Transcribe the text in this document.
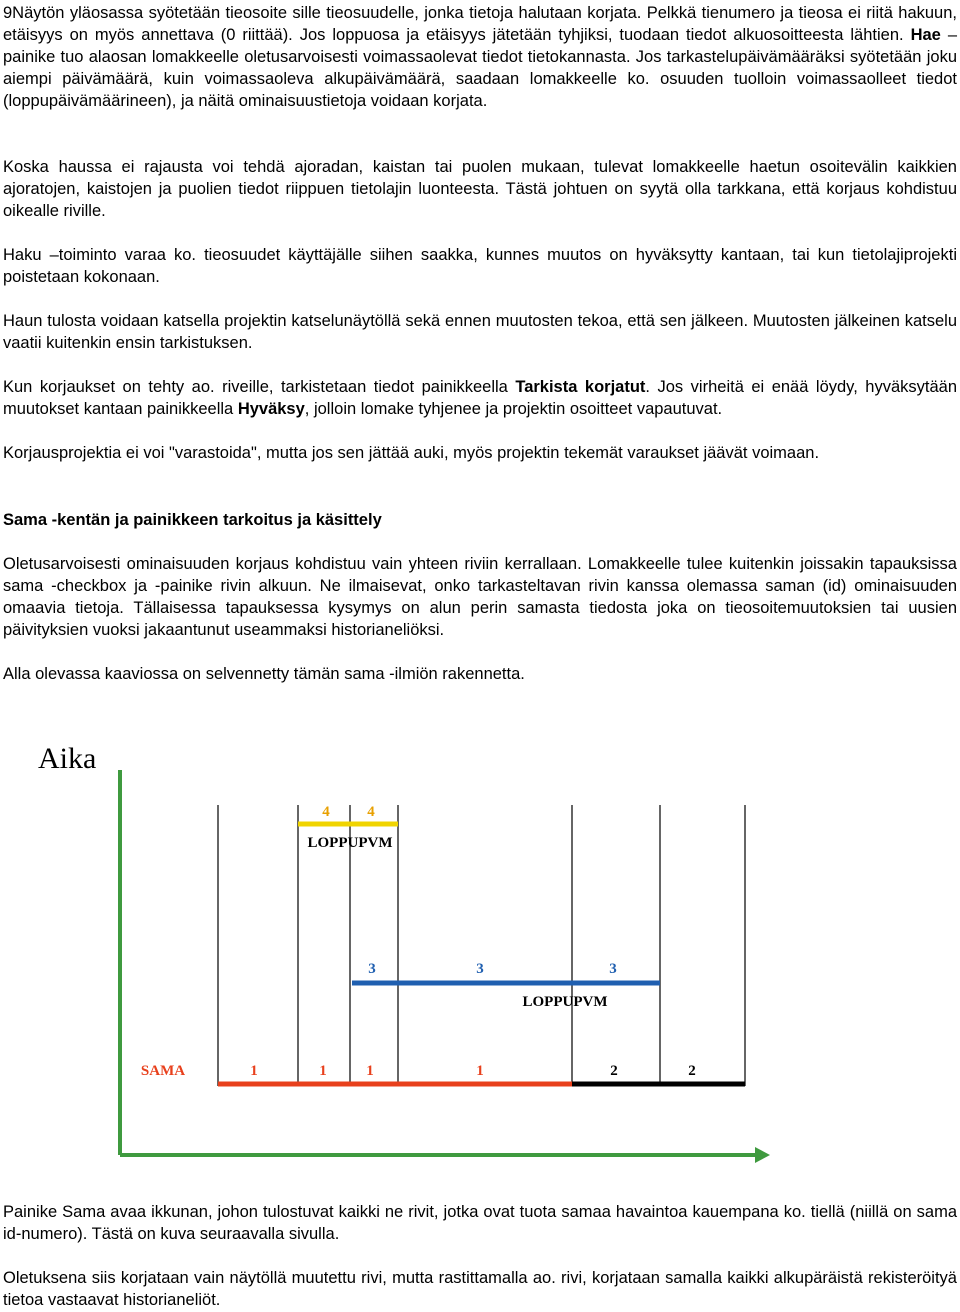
9Näytön yläosassa syötetään tieosoite sille tieosuudelle, jonka tietoja halutaan korjata. Pelkkä tienumero ja tieosa ei riitä hakuun, etäisyys on myös annettava (0 riittää). Jos loppuosa ja etäisyys jätetään tyhjiksi, tuodaan tiedot alkuosoitteesta lähtien. Hae –painike tuo alaosan lomakkeelle oletusarvoisesti voimassaolevat tiedot tietokannasta. Jos tarkastelupäivämääräksi syötetään joku aiempi päivämäärä, kuin voimassaoleva alkupäivämäärä, saadaan lomakkeelle ko. osuuden tuolloin voimassaolleet tiedot (loppupäivämäärineen), ja näitä ominaisuustietoja voidaan korjata.

Koska haussa ei rajausta voi tehdä ajoradan, kaistan tai puolen mukaan, tulevat lomakkeelle haetun osoitevälin kaikkien ajoratojen, kaistojen ja puolien tiedot riippuen tietolajin luonteesta. Tästä johtuen on syytä olla tarkkana, että korjaus kohdistuu oikealle riville.

Haku –toiminto varaa ko. tieosuudet käyttäjälle siihen saakka, kunnes muutos on hyväksytty kantaan, tai kun tietolajiprojekti poistetaan kokonaan.

Haun tulosta voidaan katsella projektin katselunäytöllä sekä ennen muutosten tekoa, että sen jälkeen. Muutosten jälkeinen katselu vaatii kuitenkin ensin tarkistuksen.

Kun korjaukset on tehty ao. riveille, tarkistetaan tiedot painikkeella Tarkista korjatut. Jos virheitä ei enää löydy, hyväksytään muutokset kantaan painikkeella Hyväksy, jolloin lomake tyhjenee ja projektin osoitteet vapautuvat.

Korjausprojektia ei voi "varastoida", mutta jos sen jättää auki, myös projektin tekemät varaukset jäävät voimaan.

Sama -kentän ja painikkeen tarkoitus ja käsittely

Oletusarvoisesti ominaisuuden korjaus kohdistuu vain yhteen riviin kerrallaan. Lomakkeelle tulee kuitenkin joissakin tapauksissa sama -checkbox ja -painike rivin alkuun. Ne ilmaisevat, onko tarkasteltavan rivin kanssa olemassa saman (id) ominaisuuden omaavia tietoja. Tällaisessa tapauksessa kysymys on alun perin samasta tiedosta joka on tieosoitemuutoksien tai uusien päivityksien vuoksi jakaantunut useammaksi historianeliöksi.

Alla olevassa kaaviossa on selvennetty tämän sama -ilmiön rakennetta.

Aika
4	4
LOPPUPVM
3	3	3
LOPPUPVM
SAMA	1	1	1	1	2	2

Painike Sama avaa ikkunan, johon tulostuvat kaikki ne rivit, jotka ovat tuota samaa havaintoa kauempana ko. tiellä (niillä on sama id-numero). Tästä on kuva seuraavalla sivulla.

Oletuksena siis korjataan vain näytöllä muutettu rivi, mutta rastittamalla ao. rivi, korjataan samalla kaikki alkupäräistä rekisteröityä tietoa vastaavat historianeliöt.
